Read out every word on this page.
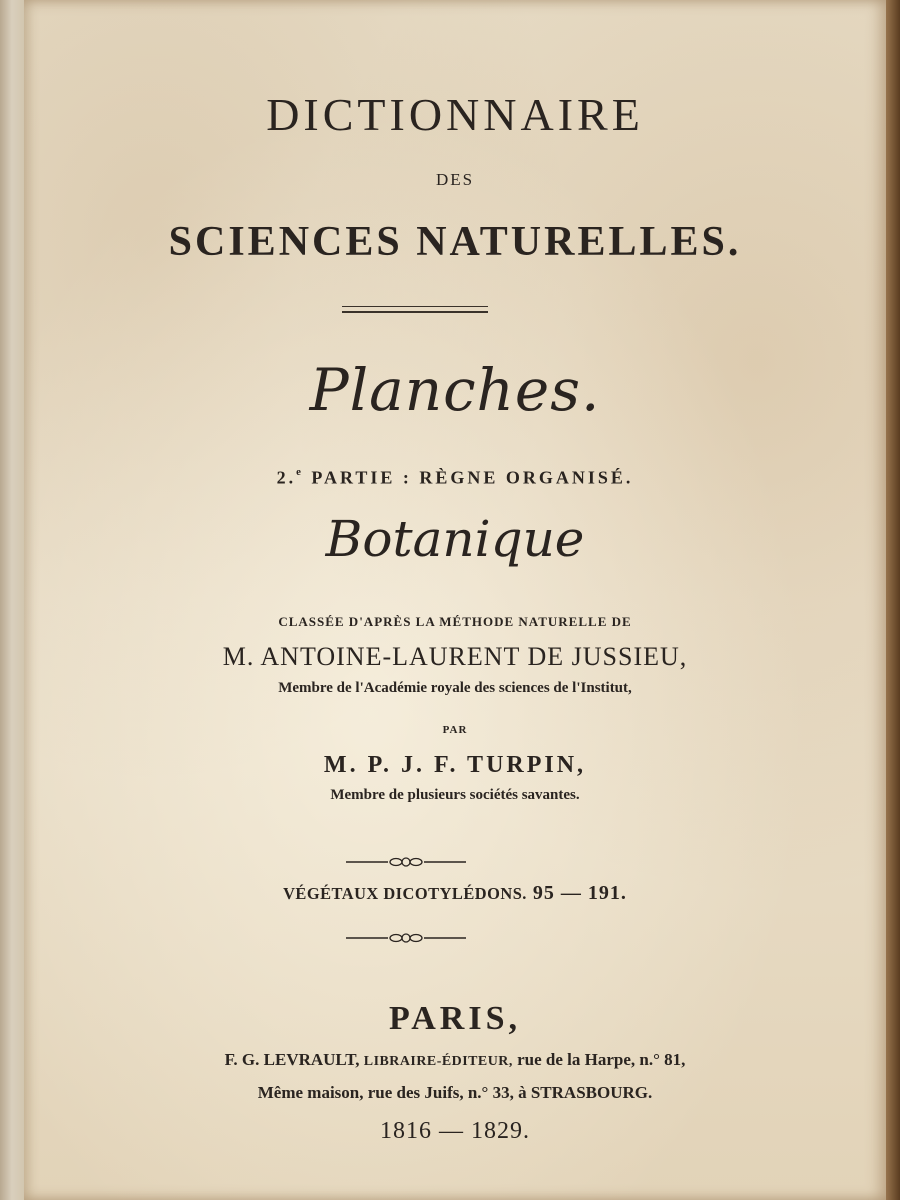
DICTIONNAIRE
DES
SCIENCES NATURELLES.
Planches.
2.$^e$ PARTIE : RÈGNE ORGANISÉ.
Botanique
CLASSÉE D'APRÈS LA MÉTHODE NATURELLE DE
M. ANTOINE-LAURENT DE JUSSIEU,
Membre de l'Académie royale des sciences de l'Institut,
PAR
M. P. J. F. TURPIN,
Membre de plusieurs sociétés savantes.
VÉGÉTAUX DICOTYLÉDONS. 95 — 191.
PARIS,
F. G. LEVRAULT, LIBRAIRE-ÉDITEUR, rue de la Harpe, n.° 81,
Même maison, rue des Juifs, n.° 33, à STRASBOURG.
1816 — 1829.
